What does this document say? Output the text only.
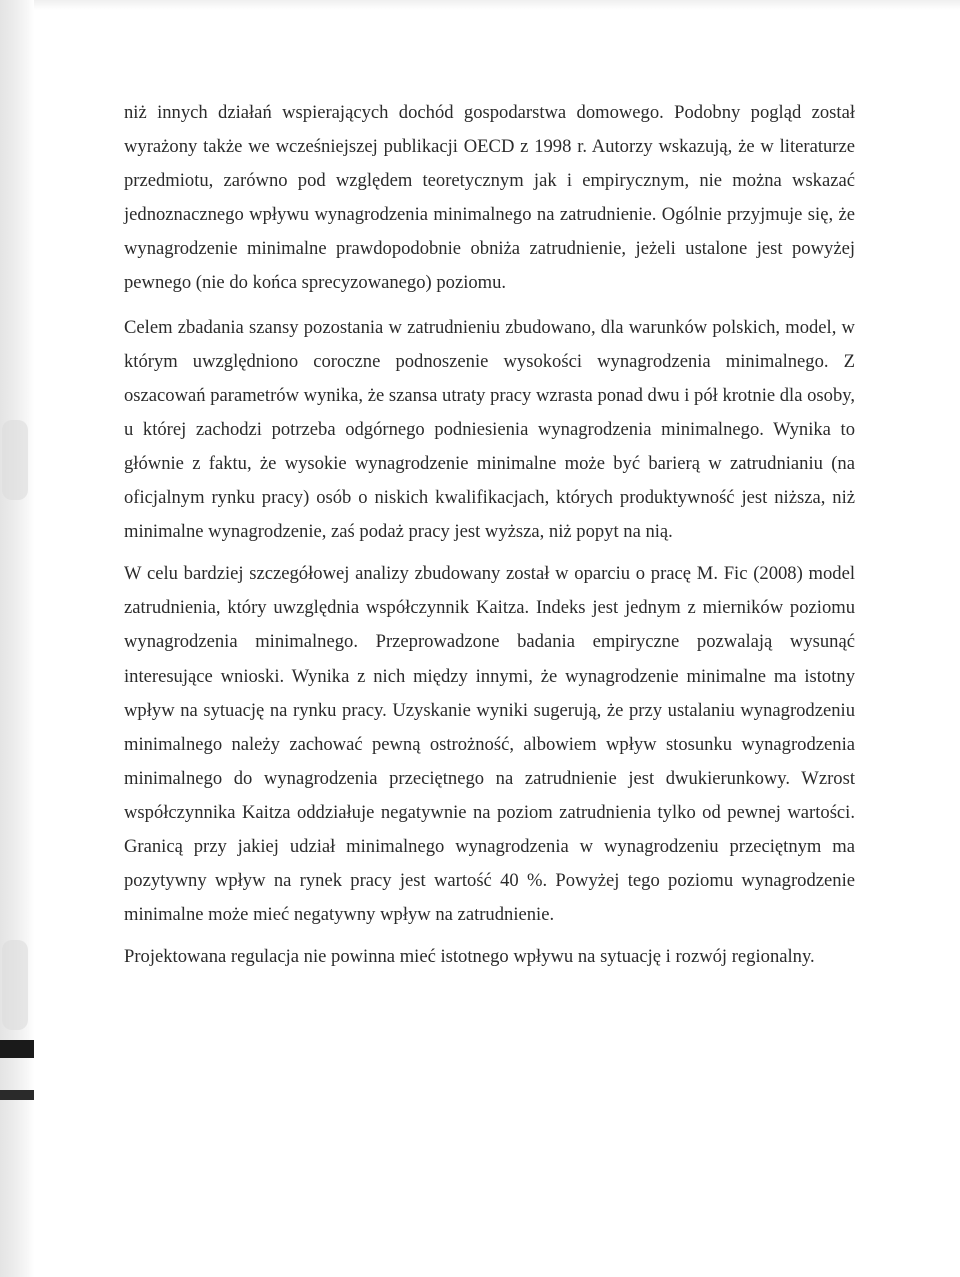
niż innych działań wspierających dochód gospodarstwa domowego. Podobny pogląd został wyrażony także we wcześniejszej publikacji OECD z 1998 r. Autorzy wskazują, że w literaturze przedmiotu, zarówno pod względem teoretycznym jak i empirycznym, nie można wskazać jednoznacznego wpływu wynagrodzenia minimalnego na zatrudnienie. Ogólnie przyjmuje się, że wynagrodzenie minimalne prawdopodobnie obniża zatrudnienie, jeżeli ustalone jest powyżej pewnego (nie do końca sprecyzowanego) poziomu.

Celem zbadania szansy pozostania w zatrudnieniu zbudowano, dla warunków polskich, model, w którym uwzględniono coroczne podnoszenie wysokości wynagrodzenia minimalnego. Z oszacowań parametrów wynika, że szansa utraty pracy wzrasta ponad dwu i pół krotnie dla osoby, u której zachodzi potrzeba odgórnego podniesienia wynagrodzenia minimalnego. Wynika to głównie z faktu, że wysokie wynagrodzenie minimalne może być barierą w zatrudnianiu (na oficjalnym rynku pracy) osób o niskich kwalifikacjach, których produktywność jest niższa, niż minimalne wynagrodzenie, zaś podaż pracy jest wyższa, niż popyt na nią.

W celu bardziej szczegółowej analizy zbudowany został w oparciu o pracę M. Fic (2008) model zatrudnienia, który uwzględnia współczynnik Kaitza. Indeks jest jednym z mierników poziomu wynagrodzenia minimalnego. Przeprowadzone badania empiryczne pozwalają wysunąć interesujące wnioski. Wynika z nich między innymi, że wynagrodzenie minimalne ma istotny wpływ na sytuację na rynku pracy. Uzyskanie wyniki sugerują, że przy ustalaniu wynagrodzeniu minimalnego należy zachować pewną ostrożność, albowiem wpływ stosunku wynagrodzenia minimalnego do wynagrodzenia przeciętnego na zatrudnienie jest dwukierunkowy. Wzrost współczynnika Kaitza oddziałuje negatywnie na poziom zatrudnienia tylko od pewnej wartości. Granicą przy jakiej udział minimalnego wynagrodzenia w wynagrodzeniu przeciętnym ma pozytywny wpływ na rynek pracy jest wartość 40 %. Powyżej tego poziomu wynagrodzenie minimalne może mieć negatywny wpływ na zatrudnienie.

Projektowana regulacja nie powinna mieć istotnego wpływu na sytuację i rozwój regionalny.
